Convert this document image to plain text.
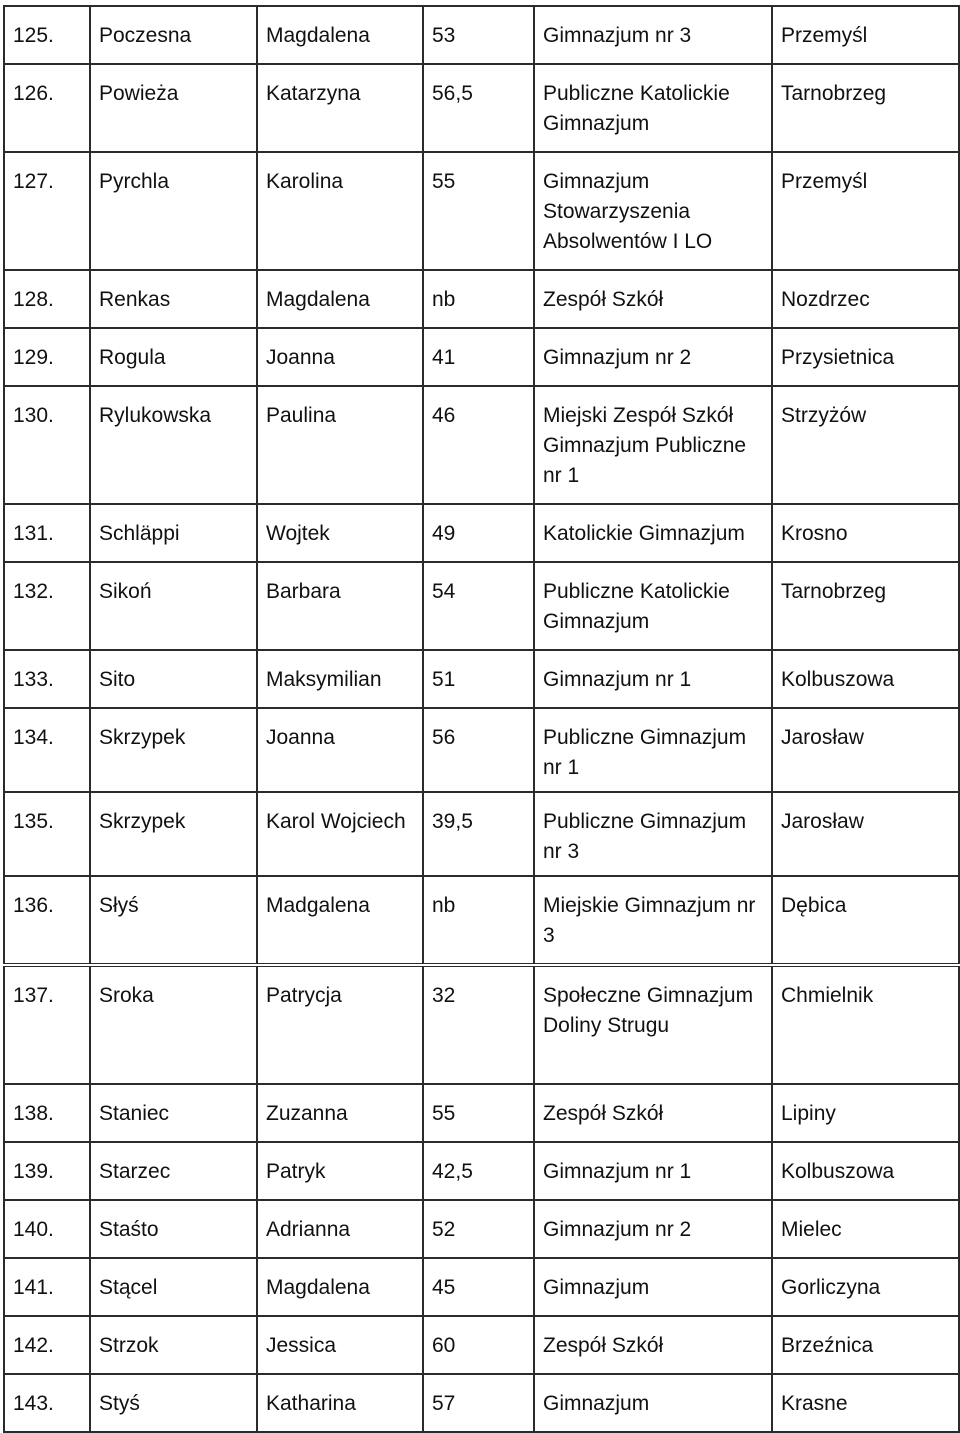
125.	Poczesna	Magdalena	53	Gimnazjum nr 3	Przemyśl
126.	Powieża	Katarzyna	56,5	Publiczne Katolickie Gimnazjum	Tarnobrzeg
127.	Pyrchla	Karolina	55	Gimnazjum Stowarzyszenia Absolwentów I LO	Przemyśl
128.	Renkas	Magdalena	nb	Zespół Szkół	Nozdrzec
129.	Rogula	Joanna	41	Gimnazjum nr 2	Przysietnica
130.	Rylukowska	Paulina	46	Miejski Zespół Szkół Gimnazjum Publiczne nr 1	Strzyżów
131.	Schläppi	Wojtek	49	Katolickie Gimnazjum	Krosno
132.	Sikoń	Barbara	54	Publiczne Katolickie Gimnazjum	Tarnobrzeg
133.	Sito	Maksymilian	51	Gimnazjum nr 1	Kolbuszowa
134.	Skrzypek	Joanna	56	Publiczne Gimnazjum nr 1	Jarosław
135.	Skrzypek	Karol Wojciech	39,5	Publiczne Gimnazjum nr 3	Jarosław
136.	Słyś	Madgalena	nb	Miejskie Gimnazjum nr 3	Dębica
137.	Sroka	Patrycja	32	Społeczne Gimnazjum Doliny Strugu	Chmielnik
138.	Staniec	Zuzanna	55	Zespół Szkół	Lipiny
139.	Starzec	Patryk	42,5	Gimnazjum nr 1	Kolbuszowa
140.	Staśto	Adrianna	52	Gimnazjum nr 2	Mielec
141.	Stącel	Magdalena	45	Gimnazjum	Gorliczyna
142.	Strzok	Jessica	60	Zespół Szkół	Brzeźnica
143.	Styś	Katharina	57	Gimnazjum	Krasne
